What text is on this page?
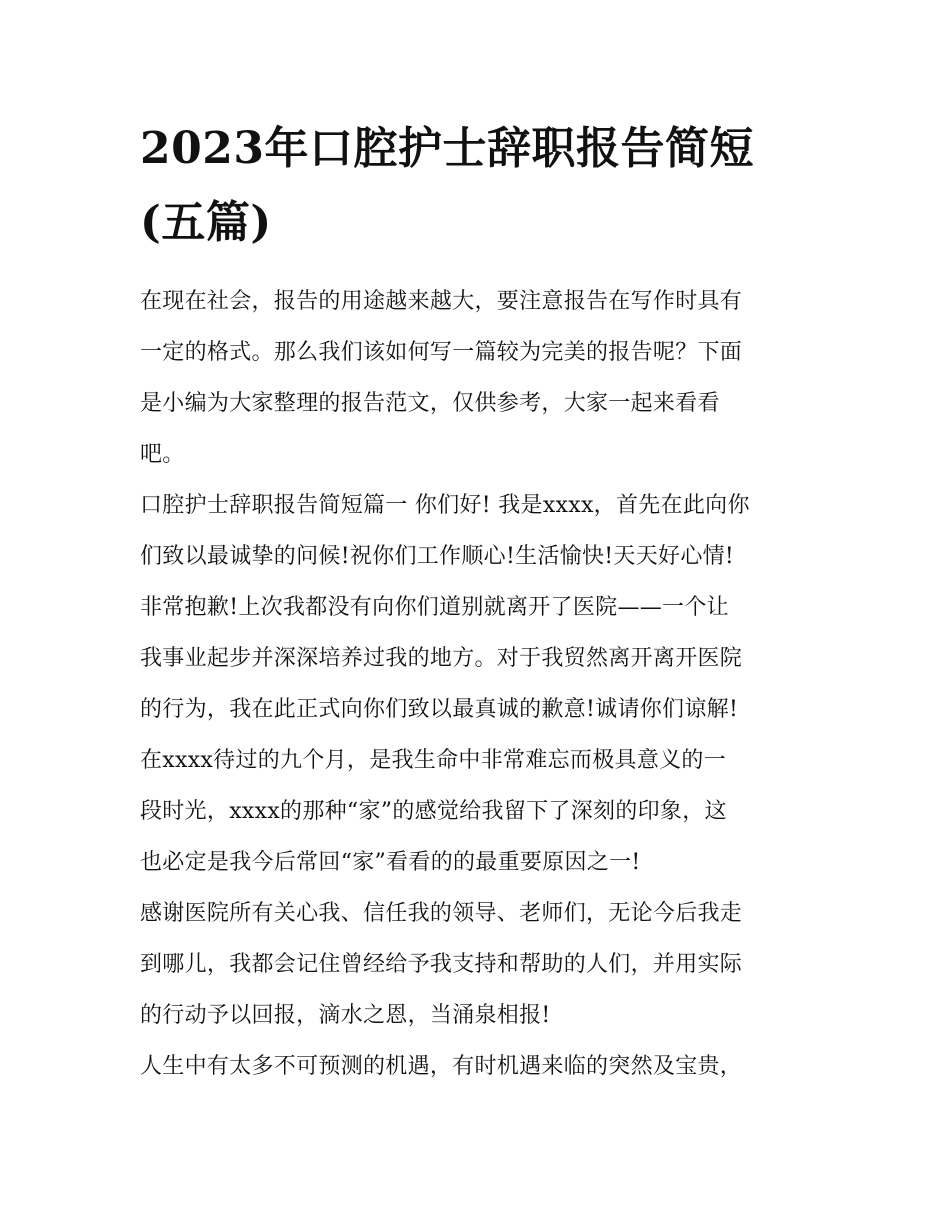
2023年口腔护士辞职报告简短
(五篇)
在现在社会，报告的用途越来越大，要注意报告在写作时具有
一定的格式。那么我们该如何写一篇较为完美的报告呢？下面
是小编为大家整理的报告范文，仅供参考，大家一起来看看
吧。
口腔护士辞职报告简短篇一 你们好! 我是xxxx，首先在此向你
们致以最诚挚的问候!祝你们工作顺心!生活愉快!天天好心情!
非常抱歉!上次我都没有向你们道别就离开了医院——一个让
我事业起步并深深培养过我的地方。对于我贸然离开离开医院
的行为，我在此正式向你们致以最真诚的歉意!诚请你们谅解!
在xxxx待过的九个月，是我生命中非常难忘而极具意义的一
段时光，xxxx的那种“家”的感觉给我留下了深刻的印象，这
也必定是我今后常回“家”看看的的最重要原因之一!
感谢医院所有关心我、信任我的领导、老师们，无论今后我走
到哪儿，我都会记住曾经给予我支持和帮助的人们，并用实际
的行动予以回报，滴水之恩，当涌泉相报!
人生中有太多不可预测的机遇，有时机遇来临的突然及宝贵，
